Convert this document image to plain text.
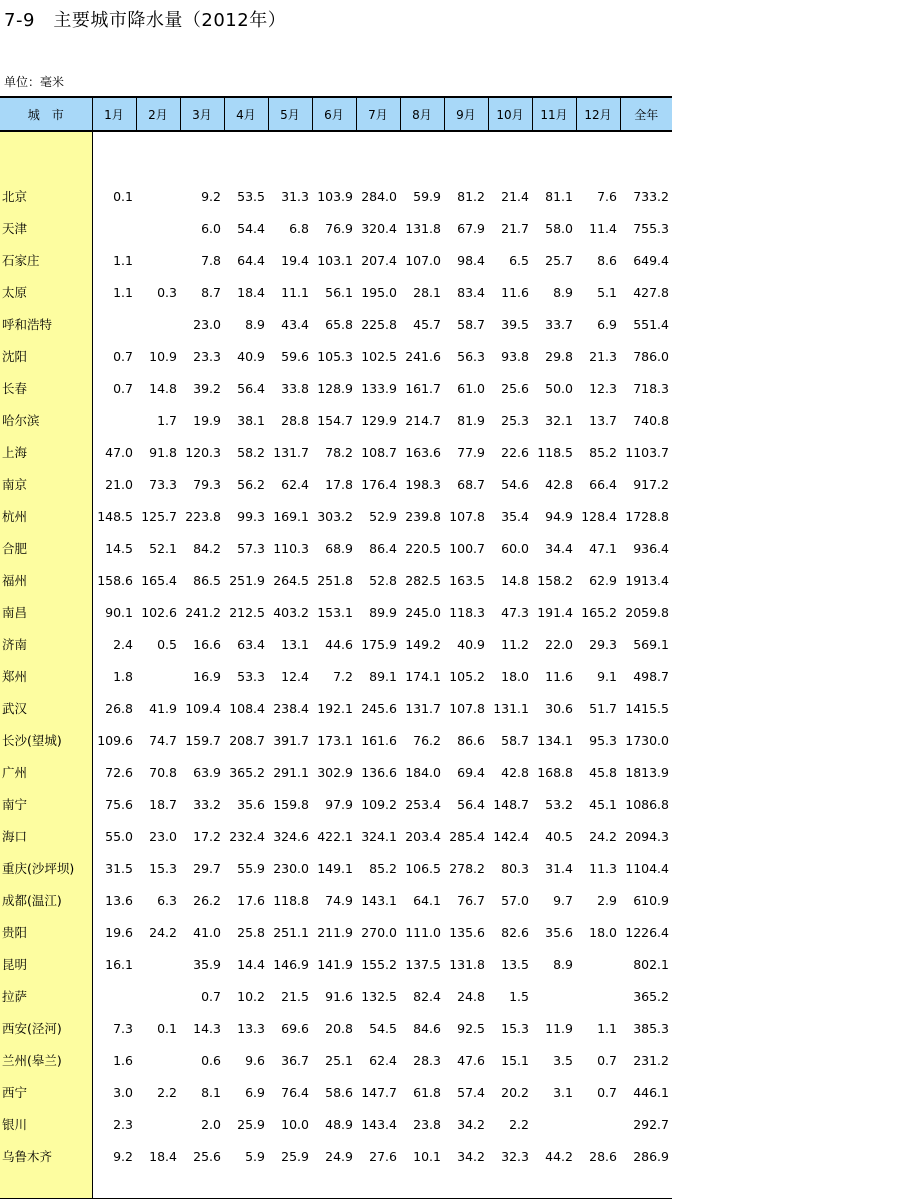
7-9　主要城市降水量（2012年）
单位：毫米
城　市	1月	2月	3月	4月	5月	6月	7月	8月	9月	10月	11月	12月	全年

北京	0.1		9.2	53.5	31.3	103.9	284.0	59.9	81.2	21.4	81.1	7.6	733.2
天津			6.0	54.4	6.8	76.9	320.4	131.8	67.9	21.7	58.0	11.4	755.3
石家庄	1.1		7.8	64.4	19.4	103.1	207.4	107.0	98.4	6.5	25.7	8.6	649.4
太原	1.1	0.3	8.7	18.4	11.1	56.1	195.0	28.1	83.4	11.6	8.9	5.1	427.8
呼和浩特			23.0	8.9	43.4	65.8	225.8	45.7	58.7	39.5	33.7	6.9	551.4
沈阳	0.7	10.9	23.3	40.9	59.6	105.3	102.5	241.6	56.3	93.8	29.8	21.3	786.0
长春	0.7	14.8	39.2	56.4	33.8	128.9	133.9	161.7	61.0	25.6	50.0	12.3	718.3
哈尔滨		1.7	19.9	38.1	28.8	154.7	129.9	214.7	81.9	25.3	32.1	13.7	740.8
上海	47.0	91.8	120.3	58.2	131.7	78.2	108.7	163.6	77.9	22.6	118.5	85.2	1103.7
南京	21.0	73.3	79.3	56.2	62.4	17.8	176.4	198.3	68.7	54.6	42.8	66.4	917.2
杭州	148.5	125.7	223.8	99.3	169.1	303.2	52.9	239.8	107.8	35.4	94.9	128.4	1728.8
合肥	14.5	52.1	84.2	57.3	110.3	68.9	86.4	220.5	100.7	60.0	34.4	47.1	936.4
福州	158.6	165.4	86.5	251.9	264.5	251.8	52.8	282.5	163.5	14.8	158.2	62.9	1913.4
南昌	90.1	102.6	241.2	212.5	403.2	153.1	89.9	245.0	118.3	47.3	191.4	165.2	2059.8
济南	2.4	0.5	16.6	63.4	13.1	44.6	175.9	149.2	40.9	11.2	22.0	29.3	569.1
郑州	1.8		16.9	53.3	12.4	7.2	89.1	174.1	105.2	18.0	11.6	9.1	498.7
武汉	26.8	41.9	109.4	108.4	238.4	192.1	245.6	131.7	107.8	131.1	30.6	51.7	1415.5
长沙(望城)	109.6	74.7	159.7	208.7	391.7	173.1	161.6	76.2	86.6	58.7	134.1	95.3	1730.0
广州	72.6	70.8	63.9	365.2	291.1	302.9	136.6	184.0	69.4	42.8	168.8	45.8	1813.9
南宁	75.6	18.7	33.2	35.6	159.8	97.9	109.2	253.4	56.4	148.7	53.2	45.1	1086.8
海口	55.0	23.0	17.2	232.4	324.6	422.1	324.1	203.4	285.4	142.4	40.5	24.2	2094.3
重庆(沙坪坝)	31.5	15.3	29.7	55.9	230.0	149.1	85.2	106.5	278.2	80.3	31.4	11.3	1104.4
成都(温江)	13.6	6.3	26.2	17.6	118.8	74.9	143.1	64.1	76.7	57.0	9.7	2.9	610.9
贵阳	19.6	24.2	41.0	25.8	251.1	211.9	270.0	111.0	135.6	82.6	35.6	18.0	1226.4
昆明	16.1		35.9	14.4	146.9	141.9	155.2	137.5	131.8	13.5	8.9		802.1
拉萨			0.7	10.2	21.5	91.6	132.5	82.4	24.8	1.5			365.2
西安(泾河)	7.3	0.1	14.3	13.3	69.6	20.8	54.5	84.6	92.5	15.3	11.9	1.1	385.3
兰州(皋兰)	1.6		0.6	9.6	36.7	25.1	62.4	28.3	47.6	15.1	3.5	0.7	231.2
西宁	3.0	2.2	8.1	6.9	76.4	58.6	147.7	61.8	57.4	20.2	3.1	0.7	446.1
银川	2.3		2.0	25.9	10.0	48.9	143.4	23.8	34.2	2.2			292.7
乌鲁木齐	9.2	18.4	25.6	5.9	25.9	24.9	27.6	10.1	34.2	32.3	44.2	28.6	286.9
